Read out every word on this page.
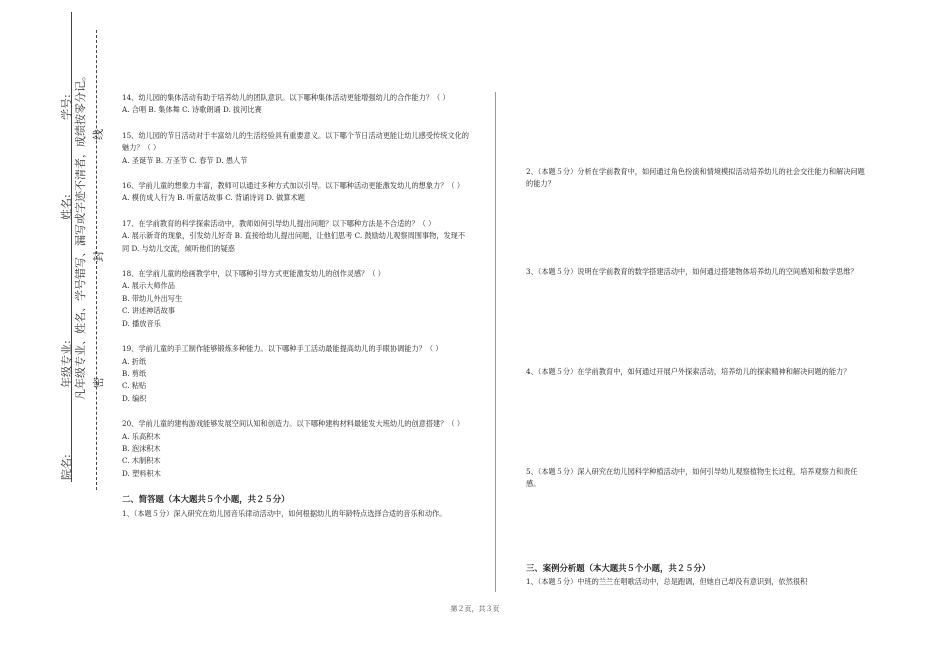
学号:
姓名:
年级专业:
院名:
凡年级专业、姓名、学号错写、漏写或字迹不清者，成绩按零分记。 线
封
密

14、幼儿园的集体活动有助于培养幼儿的团队意识。以下哪种集体活动更能增强幼儿的合作能力？（ ）

A. 合唱 B. 集体舞 C. 诗歌朗诵 D. 拔河比赛

15、幼儿园的节日活动对于丰富幼儿的生活经验具有重要意义。以下哪个节日活动更能让幼儿感受传统文化的魅力？（ ）

A. 圣诞节 B. 万圣节 C. 春节 D. 愚人节

16、学前儿童的想象力丰富，教师可以通过多种方式加以引导。以下哪种活动更能激发幼儿的想象力？（ ）

A. 模仿成人行为 B. 听童话故事 C. 背诵诗词 D. 做算术题

17、在学前教育的科学探索活动中，教师如何引导幼儿提出问题？以下哪种方法是不合适的？（ ）

A. 展示新奇的现象，引发幼儿好奇 B. 直接给幼儿提出问题，让他们思考 C. 鼓励幼儿观察周围事物，发现不同 D. 与幼儿交流，倾听他们的疑惑

18、在学前儿童的绘画教学中，以下哪种引导方式更能激发幼儿的创作灵感？（ ）

A. 展示大师作品

B. 带幼儿外出写生

C. 讲述神话故事

D. 播放音乐

19、学前儿童的手工制作能够锻炼多种能力。以下哪种手工活动最能提高幼儿的手眼协调能力？（ ）

A. 折纸

B. 剪纸

C. 粘贴

D. 编织

20、学前儿童的建构游戏能够发展空间认知和创造力。以下哪种建构材料最能发大班幼儿的创意搭建？（ ）

A. 乐高积木

B. 泡沫积木

C. 木制积木

D. 塑料积木

二、简答题（本大题共５个小题，共２５分）

1、（本题５分）深入研究在幼儿园音乐律动活动中，如何根据幼儿的年龄特点选择合适的音乐和动作。

2、（本题５分）分析在学前教育中，如何通过角色扮演和情境模拟活动培养幼儿的社会交往能力和解决问题的能力？
3、（本题５分）说明在学前教育的数学搭建活动中，如何通过搭建物体培养幼儿的空间感知和数学思维？
4、（本题５分）在学前教育中，如何通过开展户外探索活动，培养幼儿的探索精神和解决问题的能力？
5、（本题５分）深入研究在幼儿园科学种植活动中，如何引导幼儿观察植物生长过程，培养观察力和责任感。

三、案例分析题（本大题共５个小题，共２５分）

1、（本题５分）中班的兰兰在唱歌活动中，总是跑调，但她自己却没有意识到，依然很积

第２页，共３页
